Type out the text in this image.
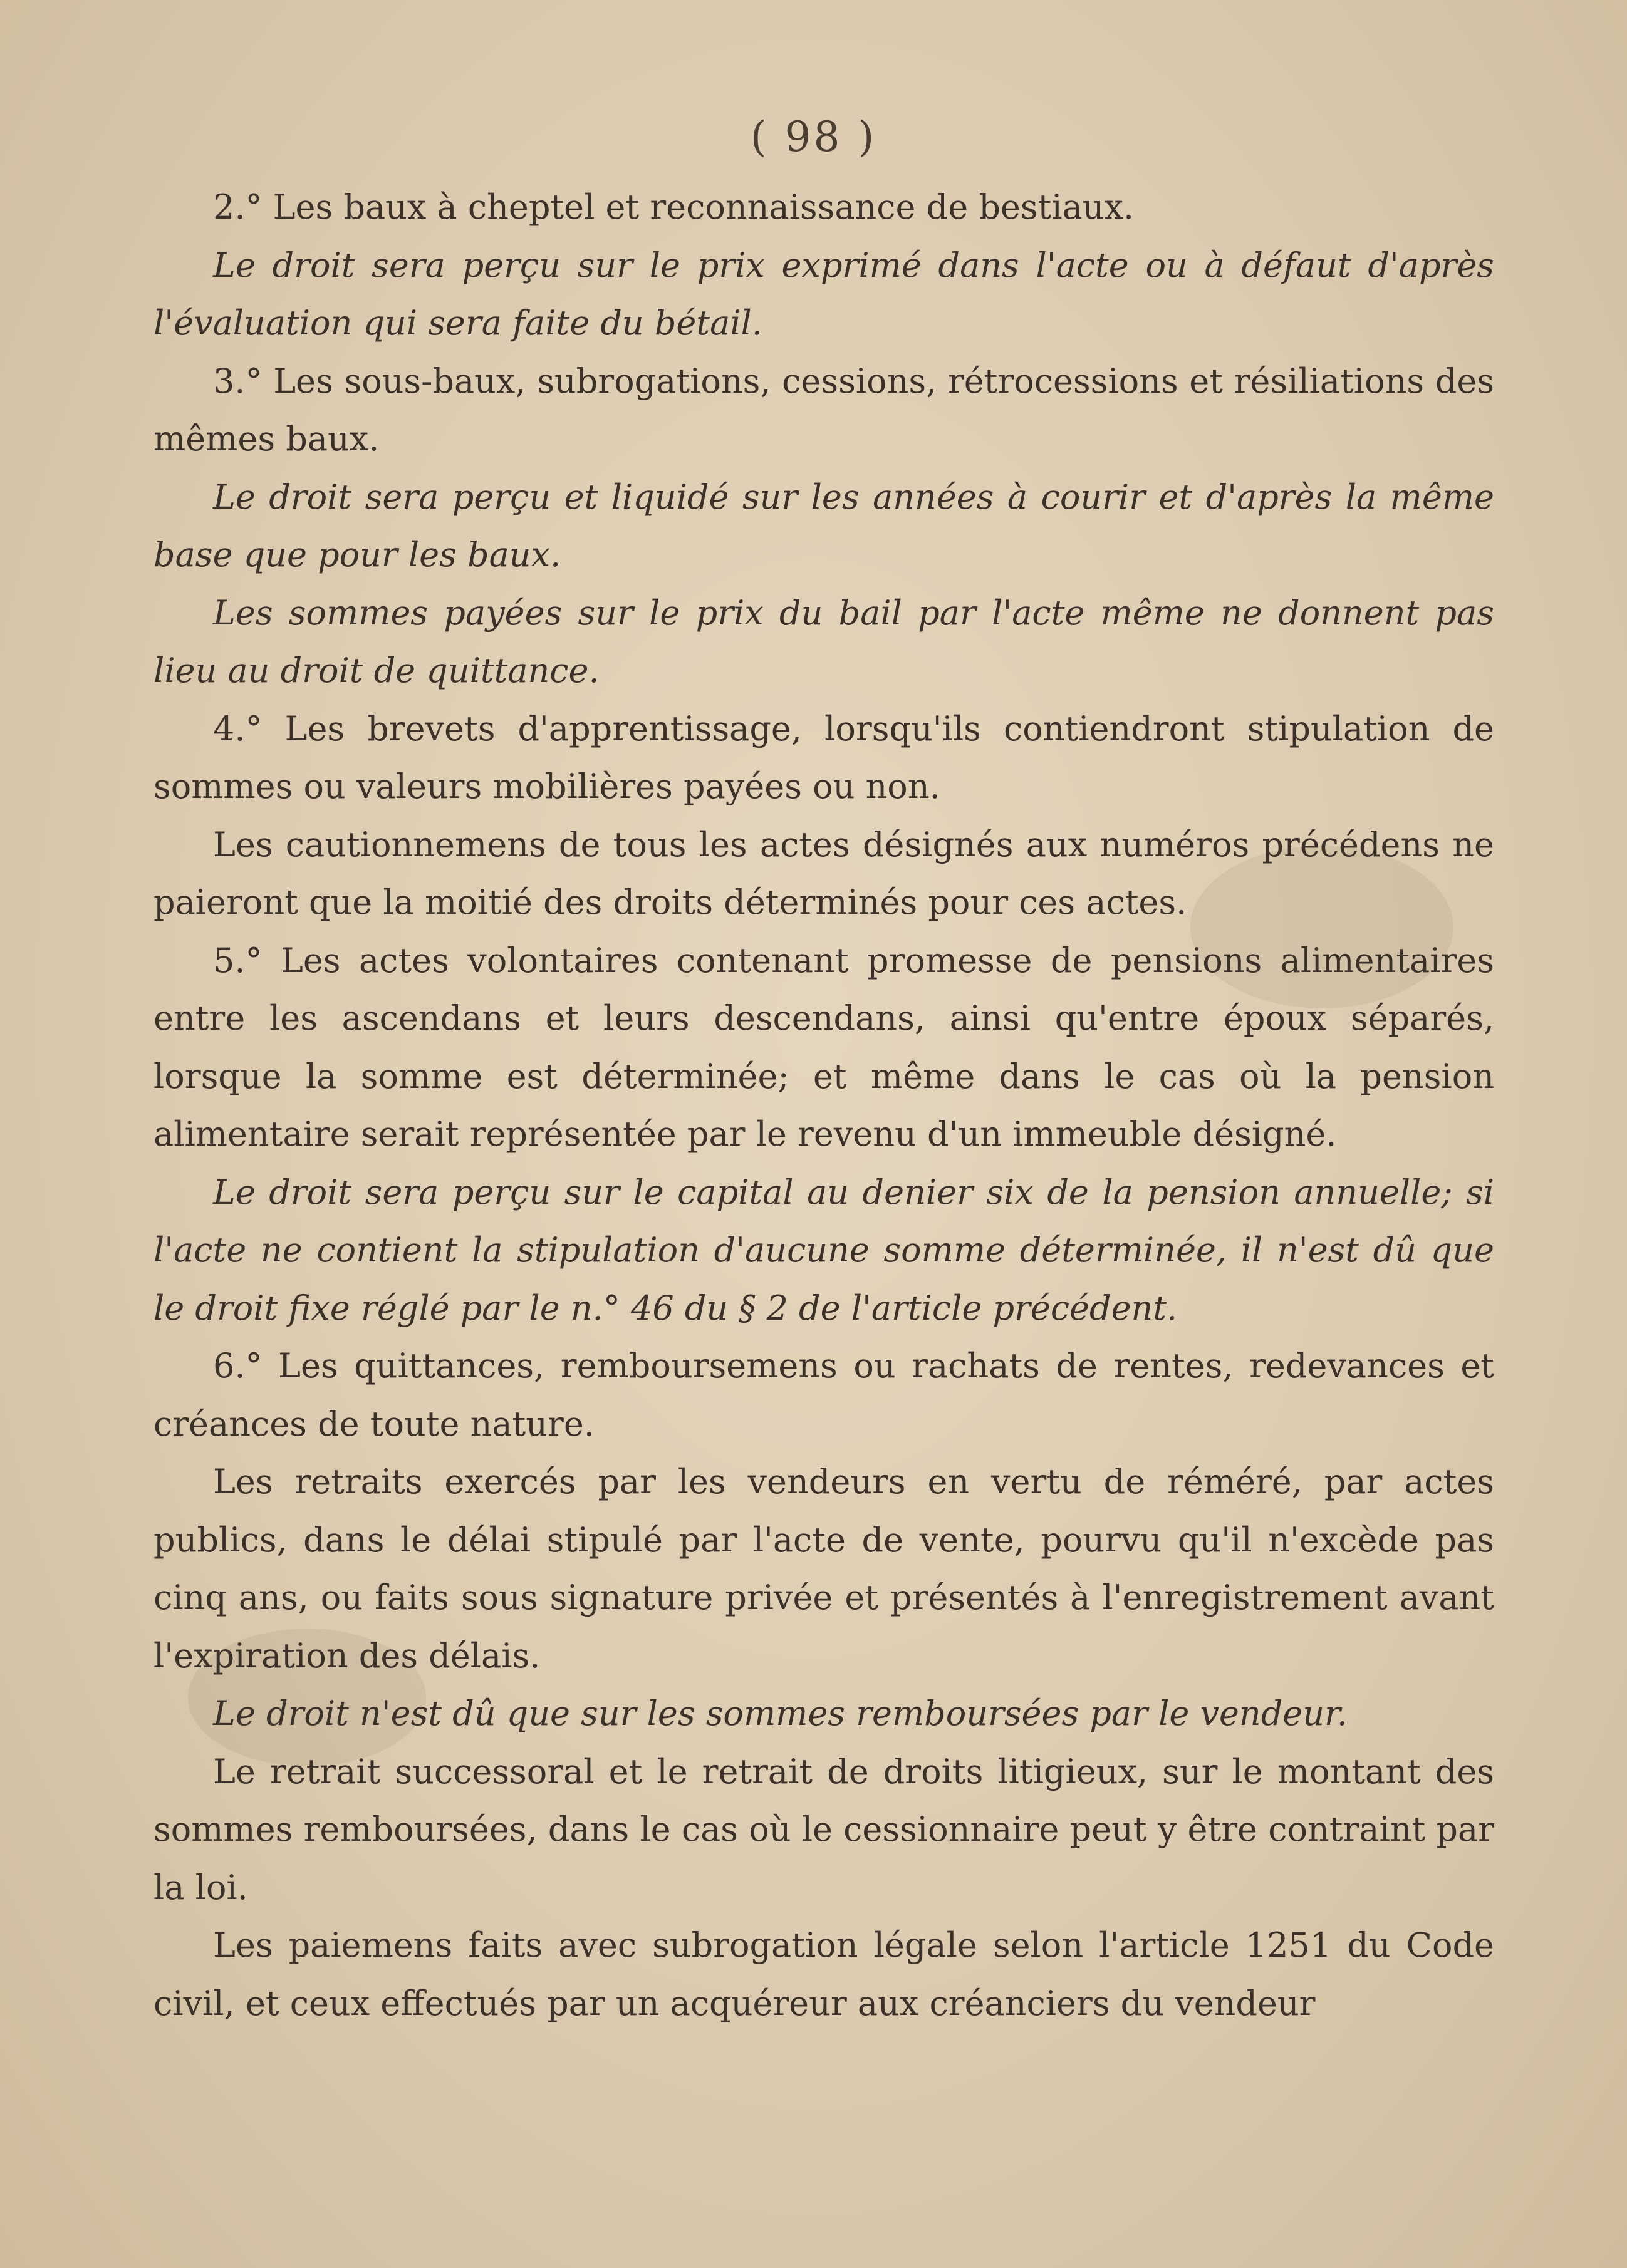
( 98 )

2.° Les baux à cheptel et reconnaissance de bestiaux.

Le droit sera perçu sur le prix exprimé dans l'acte ou à défaut d'après l'évaluation qui sera faite du bétail.

3.° Les sous-baux, subrogations, cessions, rétrocessions et résiliations des mêmes baux.

Le droit sera perçu et liquidé sur les années à courir et d'après la même base que pour les baux.

Les sommes payées sur le prix du bail par l'acte même ne donnent pas lieu au droit de quittance.

4.° Les brevets d'apprentissage, lorsqu'ils contiendront stipulation de sommes ou valeurs mobilières payées ou non.

Les cautionnemens de tous les actes désignés aux numéros précédens ne paieront que la moitié des droits déterminés pour ces actes.

5.° Les actes volontaires contenant promesse de pensions alimentaires entre les ascendans et leurs descendans, ainsi qu'entre époux séparés, lorsque la somme est déterminée; et même dans le cas où la pension alimentaire serait représentée par le revenu d'un immeuble désigné.

Le droit sera perçu sur le capital au denier six de la pension annuelle; si l'acte ne contient la stipulation d'aucune somme déterminée, il n'est dû que le droit fixe réglé par le n.° 46 du § 2 de l'article précédent.

6.° Les quittances, remboursemens ou rachats de rentes, redevances et créances de toute nature.

Les retraits exercés par les vendeurs en vertu de réméré, par actes publics, dans le délai stipulé par l'acte de vente, pourvu qu'il n'excède pas cinq ans, ou faits sous signature privée et présentés à l'enregistrement avant l'expiration des délais.

Le droit n'est dû que sur les sommes remboursées par le vendeur.

Le retrait successoral et le retrait de droits litigieux, sur le montant des sommes remboursées, dans le cas où le cessionnaire peut y être contraint par la loi.

Les paiemens faits avec subrogation légale selon l'article 1251 du Code civil, et ceux effectués par un acquéreur aux créanciers du vendeur
